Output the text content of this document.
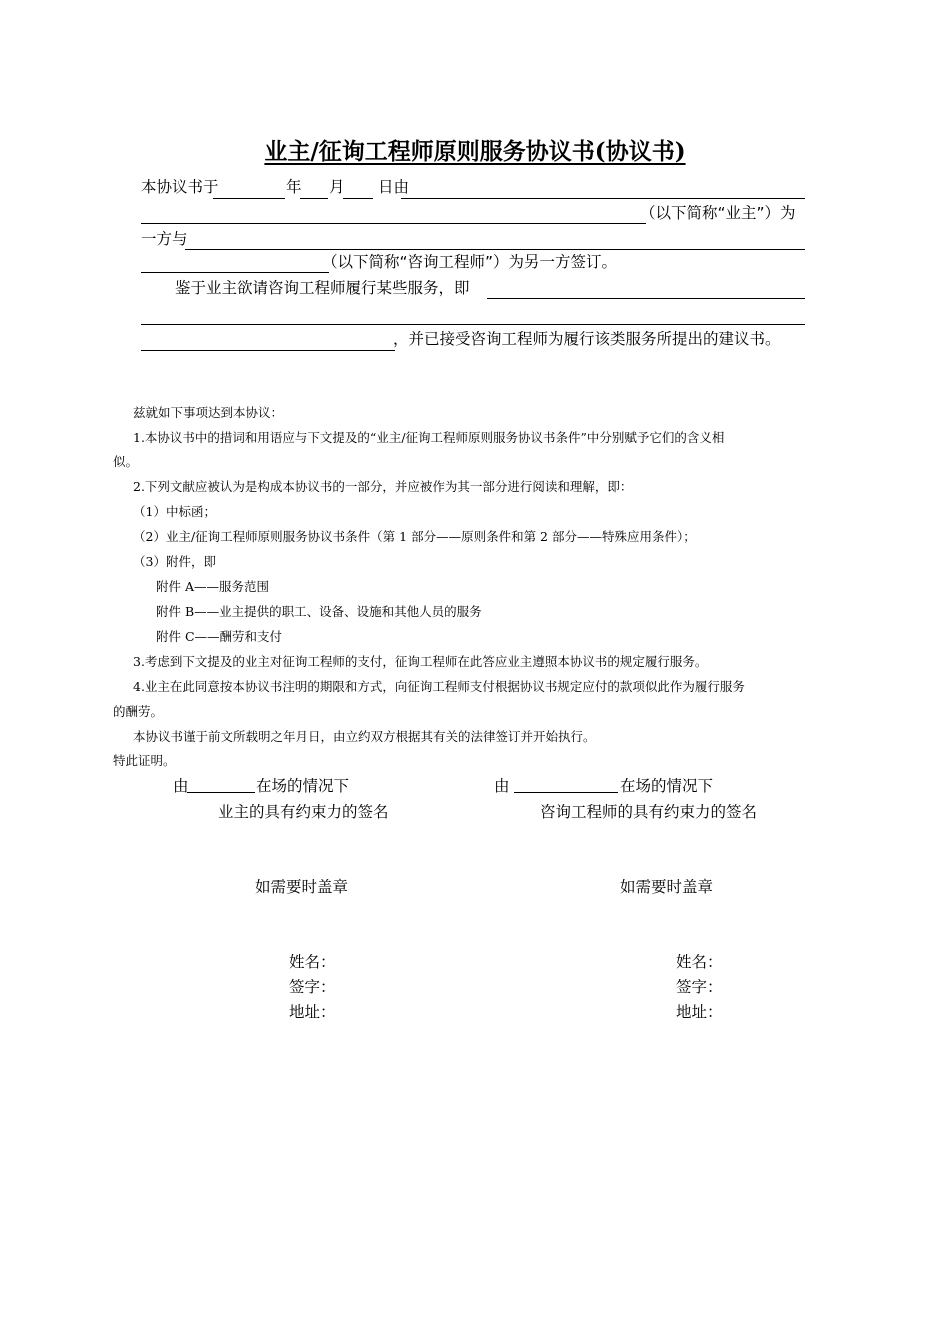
业主/征询工程师原则服务协议书(协议书)
本协议书于	年 月 日由
（以下简称“业主”）为
一方与
（以下简称“咨询工程师”）为另一方签订。
鉴于业主欲请咨询工程师履行某些服务，即
，并已接受咨询工程师为履行该类服务所提出的建议书。
兹就如下事项达到本协议：
1.本协议书中的措词和用语应与下文提及的“业主/征询工程师原则服务协议书条件”中分别赋予它们的含义相
似。
2.下列文献应被认为是构成本协议书的一部分，并应被作为其一部分进行阅读和理解，即：
（1）中标函；
（2）业主/征询工程师原则服务协议书条件（第 1 部分——原则条件和第 2 部分——特殊应用条件）；
（3）附件，即
附件 A——服务范围
附件 B——业主提供的职工、设备、设施和其他人员的服务
附件 C——酬劳和支付
3.考虑到下文提及的业主对征询工程师的支付，征询工程师在此答应业主遵照本协议书的规定履行服务。
4.业主在此同意按本协议书注明的期限和方式，向征询工程师支付根据协议书规定应付的款项似此作为履行服务
的酬劳。
本协议书谨于前文所载明之年月日，由立约双方根据其有关的法律签订并开始执行。
特此证明。
由	在场的情况下
业主的具有约束力的签名
如需要时盖章
姓名：
签字：
地址：
由	在场的情况下
咨询工程师的具有约束力的签名
如需要时盖章
姓名：
签字：
地址：
